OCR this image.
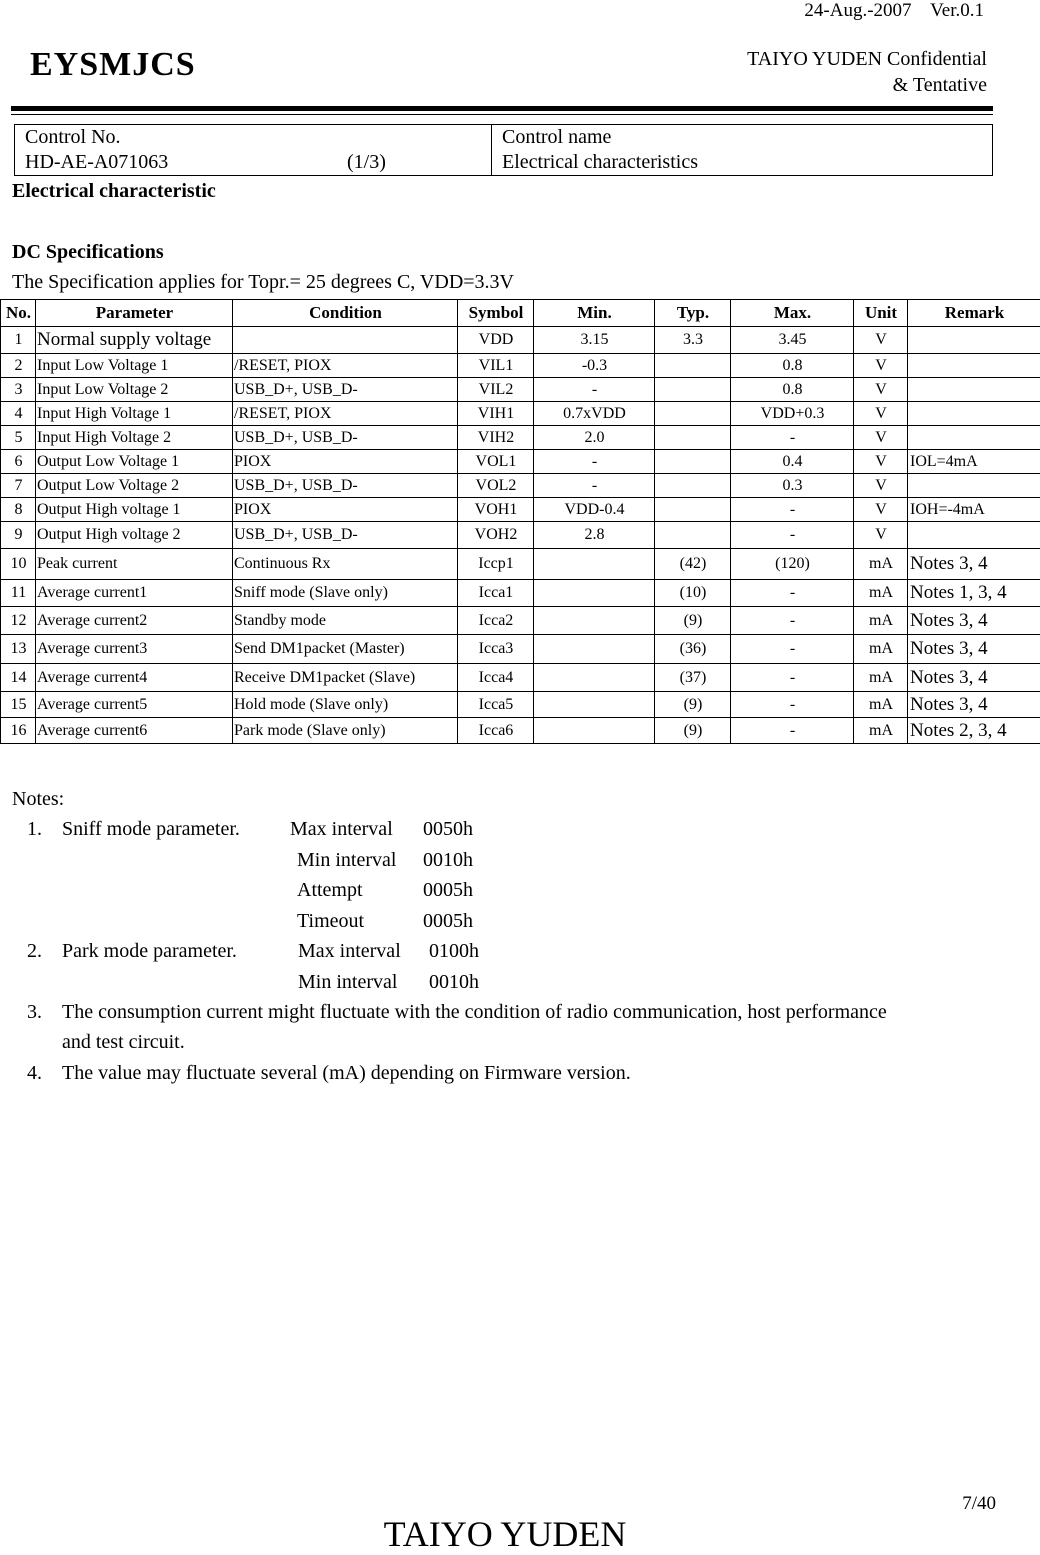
24-Aug.-2007    Ver.0.1
EYSMJCS	TAIYO YUDEN Confidential
& Tentative
Control No.
HD-AE-A071063	(1/3)

Control name
Electrical characteristics
Electrical characteristic
DC Specifications
The Specification applies for Topr.= 25 degrees C, VDD=3.3V
No.	Parameter	Condition	Symbol	Min.	Typ.	Max.	Unit	Remark
1	Normal supply voltage		VDD	3.15	3.3	3.45	V	
2	Input Low Voltage 1	/RESET, PIOX	VIL1	-0.3		0.8	V	
3	Input Low Voltage 2	USB_D+, USB_D-	VIL2	-		0.8	V	
4	Input High Voltage 1	/RESET, PIOX	VIH1	0.7xVDD		VDD+0.3	V	
5	Input High Voltage 2	USB_D+, USB_D-	VIH2	2.0		-	V	
6	Output Low Voltage 1	PIOX	VOL1	-		0.4	V	IOL=4mA
7	Output Low Voltage 2	USB_D+, USB_D-	VOL2	-		0.3	V	
8	Output High voltage 1	PIOX	VOH1	VDD-0.4		-	V	IOH=-4mA
9	Output High voltage 2	USB_D+, USB_D-	VOH2	2.8		-	V	
10	Peak current	Continuous Rx	Iccp1		(42)	(120)	mA	Notes 3, 4
11	Average current1	Sniff mode (Slave only)	Icca1		(10)	-	mA	Notes 1, 3, 4
12	Average current2	Standby mode	Icca2		(9)	-	mA	Notes 3, 4
13	Average current3	Send DM1packet (Master)	Icca3		(36)	-	mA	Notes 3, 4
14	Average current4	Receive DM1packet (Slave)	Icca4		(37)	-	mA	Notes 3, 4
15	Average current5	Hold mode (Slave only)	Icca5		(9)	-	mA	Notes 3, 4
16	Average current6	Park mode (Slave only)	Icca6		(9)	-	mA	Notes 2, 3, 4
Notes:
1. Sniff mode parameter.	Max interval 0050h
Min interval 0010h
Attempt	0005h
Timeout	0005h
2. Park mode parameter.	Max interval 0100h
Min interval 0010h
3. The consumption current might fluctuate with the condition of radio communication, host performance
and test circuit.
4. The value may fluctuate several (mA) depending on Firmware version.
7/40
TAIYO YUDEN
